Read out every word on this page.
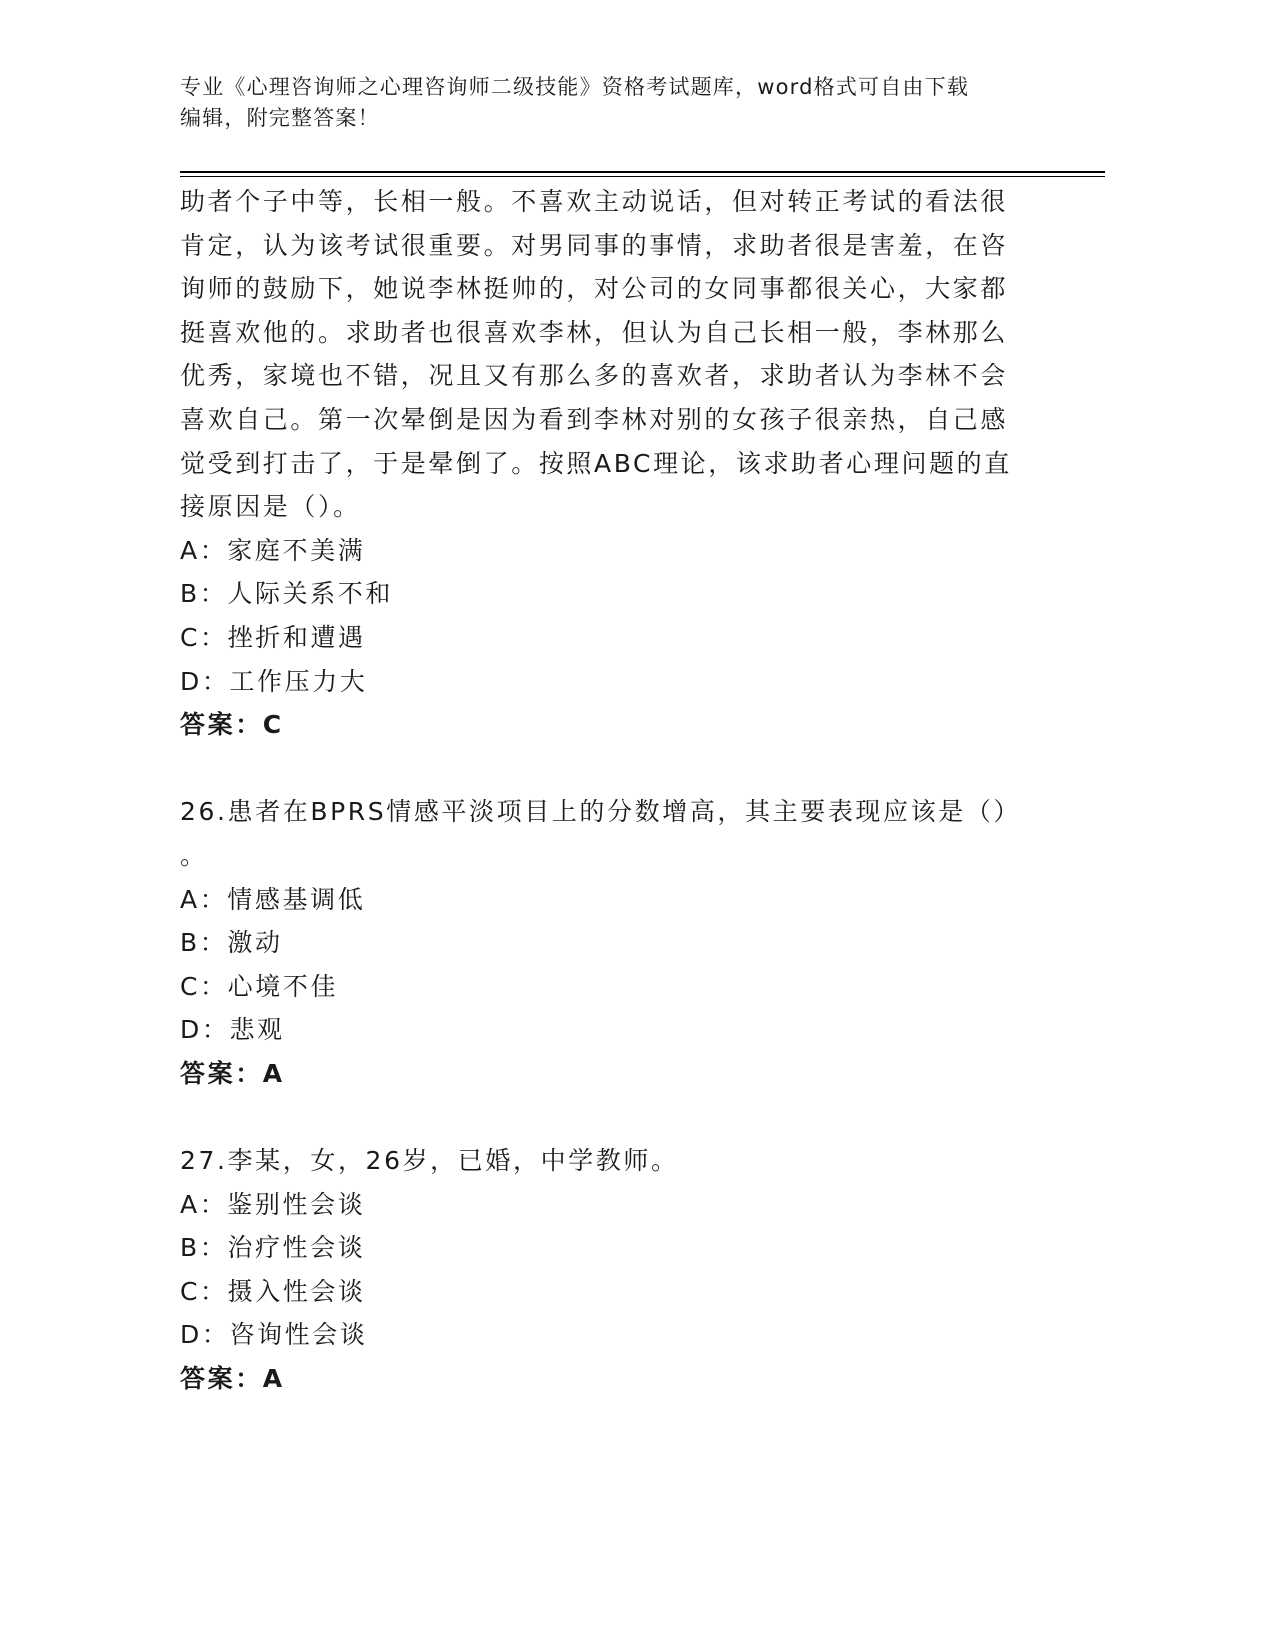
专业《心理咨询师之心理咨询师二级技能》资格考试题库，word格式可自由下载
编辑，附完整答案！
助者个子中等，长相一般。不喜欢主动说话，但对转正考试的看法很
肯定，认为该考试很重要。对男同事的事情，求助者很是害羞，在咨
询师的鼓励下，她说李林挺帅的，对公司的女同事都很关心，大家都
挺喜欢他的。求助者也很喜欢李林，但认为自己长相一般，李林那么
优秀，家境也不错，况且又有那么多的喜欢者，求助者认为李林不会
喜欢自己。第一次晕倒是因为看到李林对别的女孩子很亲热，自己感
觉受到打击了，于是晕倒了。按照ABC理论，该求助者心理问题的直
接原因是（）。
A：家庭不美满
B：人际关系不和
C：挫折和遭遇
D：工作压力大
答案：C
26.患者在BPRS情感平淡项目上的分数增高，其主要表现应该是（）
。
A：情感基调低
B：激动
C：心境不佳
D：悲观
答案：A
27.李某，女，26岁，已婚，中学教师。
A：鉴别性会谈
B：治疗性会谈
C：摄入性会谈
D：咨询性会谈
答案：A
